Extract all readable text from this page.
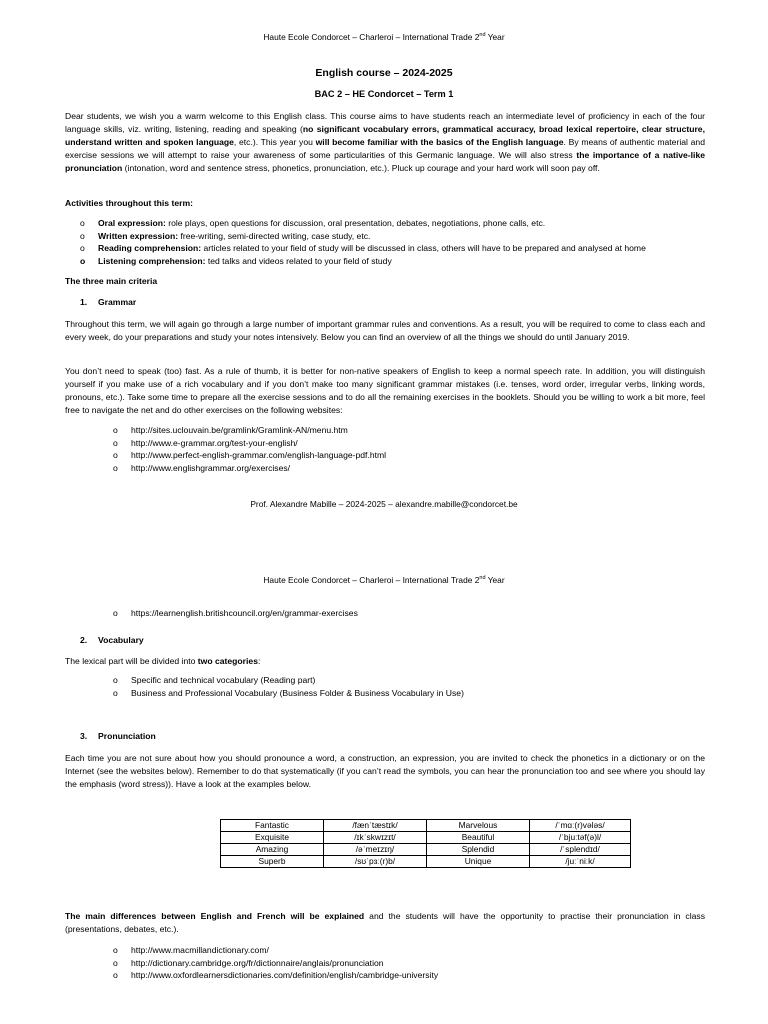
Haute Ecole Condorcet – Charleroi – International Trade 2nd Year
English course – 2024-2025
BAC 2 – HE Condorcet – Term 1

Dear students, we wish you a warm welcome to this English class. This course aims to have students reach an intermediate level of proficiency in each of the four language skills, viz. writing, listening, reading and speaking (no significant vocabulary errors, grammatical accuracy, broad lexical repertoire, clear structure, understand written and spoken language, etc.). This year you will become familiar with the basics of the English language. By means of authentic material and exercise sessions we will attempt to raise your awareness of some particularities of this Germanic language. We will also stress the importance of a native-like pronunciation (intonation, word and sentence stress, phonetics, pronunciation, etc.). Pluck up courage and your hard work will soon pay off.

Activities throughout this term:
o Oral expression: role plays, open questions for discussion, oral presentation, debates, negotiations, phone calls, etc.
o Written expression: free-writing, semi-directed writing, case study, etc.
o Reading comprehension: articles related to your field of study will be discussed in class, others will have to be prepared and analysed at home
o Listening comprehension: ted talks and videos related to your field of study
The three main criteria
1. Grammar

Throughout this term, we will again go through a large number of important grammar rules and conventions. As a result, you will be required to come to class each and every week, do your preparations and study your notes intensively. Below you can find an overview of all the things we should do until January 2019.

You don’t need to speak (too) fast. As a rule of thumb, it is better for non-native speakers of English to keep a normal speech rate. In addition, you will distinguish yourself if you make use of a rich vocabulary and if you don’t make too many significant grammar mistakes (i.e. tenses, word order, irregular verbs, linking words, pronouns, etc.). Take some time to prepare all the exercise sessions and to do all the remaining exercises in the booklets. Should you be willing to work a bit more, feel free to navigate the net and do other exercises on the following websites:

o http://sites.uclouvain.be/gramlink/Gramlink-AN/menu.htm
o http://www.e-grammar.org/test-your-english/
o http://www.perfect-english-grammar.com/english-language-pdf.html
o http://www.englishgrammar.org/exercises/
Prof. Alexandre Mabille – 2024-2025 – alexandre.mabille@condorcet.be
Haute Ecole Condorcet – Charleroi – International Trade 2nd Year
o https://learnenglish.britishcouncil.org/en/grammar-exercises
2. Vocabulary

The lexical part will be divided into two categories:

o Specific and technical vocabulary (Reading part)
o Business and Professional Vocabulary (Business Folder & Business Vocabulary in Use)
3. Pronunciation

Each time you are not sure about how you should pronounce a word, a construction, an expression, you are invited to check the phonetics in a dictionary or on the Internet (see the websites below). Remember to do that systematically (if you can’t read the symbols, you can hear the pronunciation too and see where you should lay the emphasis (word stress)). Have a look at the examples below.

Fantastic	/fænˈtæstɪk/	Marvelous	/ˈmɑː(r)vələs/
Exquisite	/ɪkˈskwɪzɪt/	Beautiful	/ˈbjuːtəf(ə)l/
Amazing	/əˈmeɪzɪŋ/	Splendid	/ˈsplendɪd/
Superb	/sʊˈpɜː(r)b/	Unique	/juːˈniːk/

The main differences between English and French will be explained and the students will have the opportunity to practise their pronunciation in class (presentations, debates, etc.).

o http://www.macmillandictionary.com/
o http://dictionary.cambridge.org/fr/dictionnaire/anglais/pronunciation
o http://www.oxfordlearnersdictionaries.com/definition/english/cambridge-university
